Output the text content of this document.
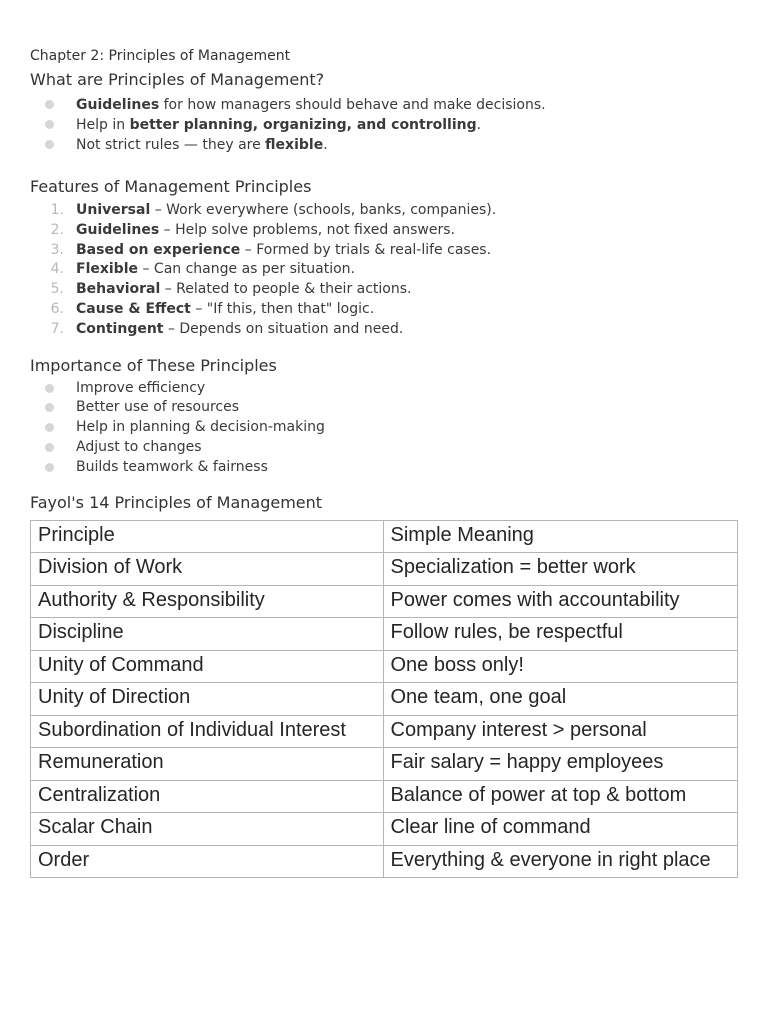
Chapter 2: Principles of Management
What are Principles of Management?
Guidelines for how managers should behave and make decisions.
Help in better planning, organizing, and controlling.
Not strict rules — they are flexible.
Features of Management Principles
1. Universal – Work everywhere (schools, banks, companies).
2. Guidelines – Help solve problems, not fixed answers.
3. Based on experience – Formed by trials & real-life cases.
4. Flexible – Can change as per situation.
5. Behavioral – Related to people & their actions.
6. Cause & Effect – "If this, then that" logic.
7. Contingent – Depends on situation and need.
Importance of These Principles
Improve efficiency
Better use of resources
Help in planning & decision-making
Adjust to changes
Builds teamwork & fairness
Fayol's 14 Principles of Management
Principle	Simple Meaning
Division of Work	Specialization = better work
Authority & Responsibility	Power comes with accountability
Discipline	Follow rules, be respectful
Unity of Command	One boss only!
Unity of Direction	One team, one goal
Subordination of Individual Interest	Company interest > personal
Remuneration	Fair salary = happy employees
Centralization	Balance of power at top & bottom
Scalar Chain	Clear line of command
Order	Everything & everyone in right place
